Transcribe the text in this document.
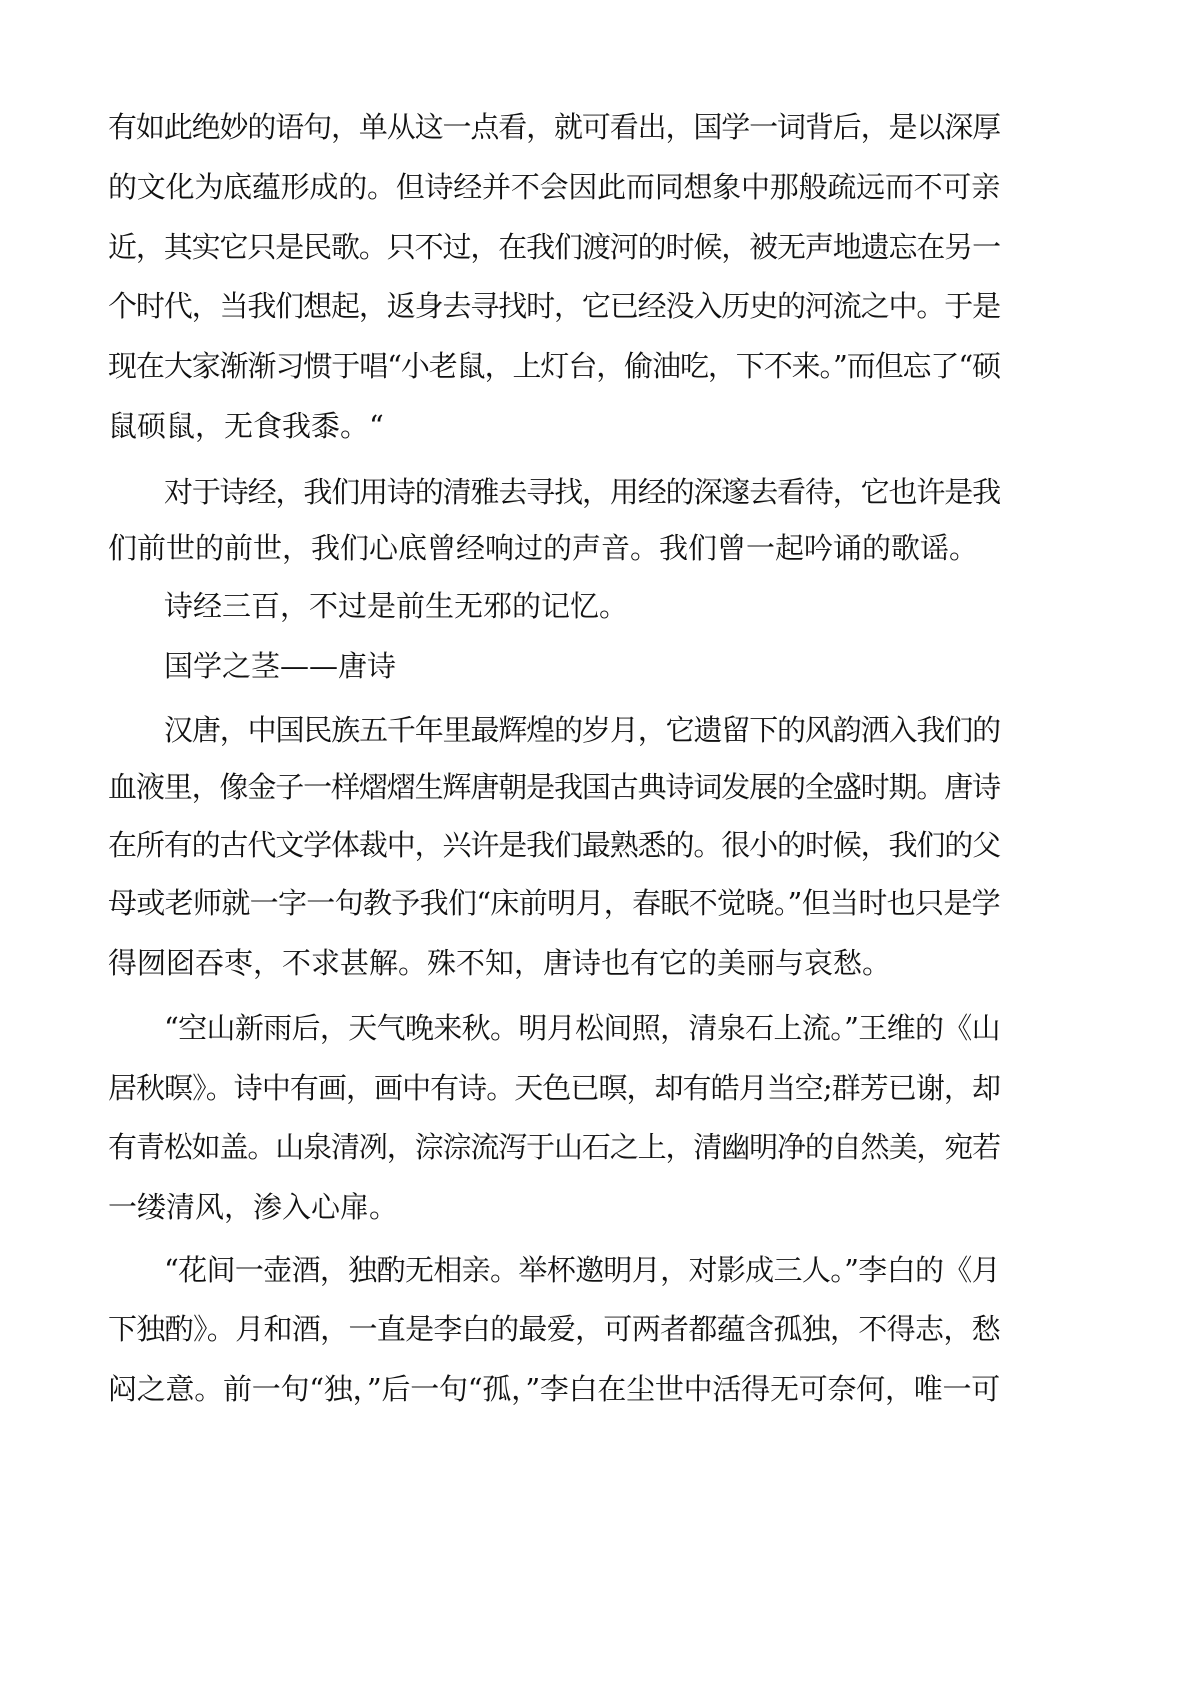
有如此绝妙的语句，单从这一点看，就可看出，国学一词背后，是以深厚
的文化为底蕴形成的。但诗经并不会因此而同想象中那般疏远而不可亲
近，其实它只是民歌。只不过，在我们渡河的时候，被无声地遗忘在另一
个时代，当我们想起，返身去寻找时，它已经没入历史的河流之中。于是
现在大家渐渐习惯于唱“小老鼠，上灯台，偷油吃，下不来。”而但忘了“硕
鼠硕鼠，无食我黍。“
对于诗经，我们用诗的清雅去寻找，用经的深邃去看待，它也许是我
们前世的前世，我们心底曾经响过的声音。我们曾一起吟诵的歌谣。
诗经三百，不过是前生无邪的记忆。
国学之茎——唐诗
汉唐，中国民族五千年里最辉煌的岁月，它遗留下的风韵洒入我们的
血液里，像金子一样熠熠生辉唐朝是我国古典诗词发展的全盛时期。唐诗
在所有的古代文学体裁中，兴许是我们最熟悉的。很小的时候，我们的父
母或老师就一字一句教予我们“床前明月，春眠不觉晓。”但当时也只是学
得囫囵吞枣，不求甚解。殊不知，唐诗也有它的美丽与哀愁。
“空山新雨后，天气晚来秋。明月松间照，清泉石上流。”王维的《山
居秋暝》。诗中有画，画中有诗。天色已暝，却有皓月当空;群芳已谢，却
有青松如盖。山泉清冽，淙淙流泻于山石之上，清幽明净的自然美，宛若
一缕清风，渗入心扉。
“花间一壶酒，独酌无相亲。举杯邀明月，对影成三人。”李白的《月
下独酌》。月和酒，一直是李白的最爱，可两者都蕴含孤独，不得志，愁
闷之意。前一句“独，”后一句“孤，”李白在尘世中活得无可奈何，唯一可
